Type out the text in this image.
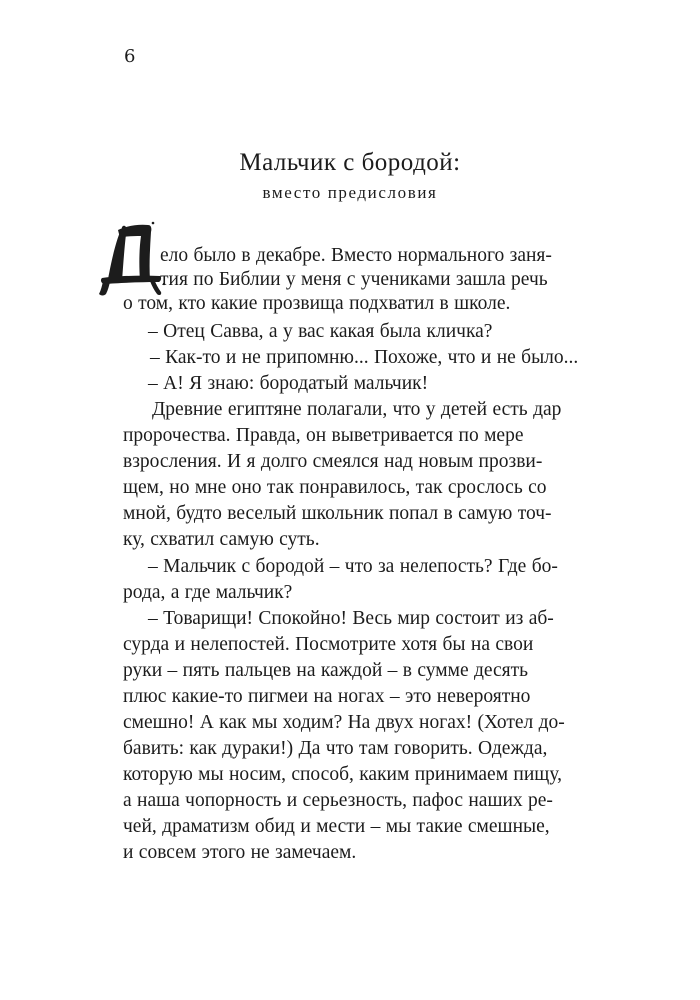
6
Мальчик с бородой:
вместо предисловия
ело было в декабре. Вместо нормального заня-
тия по Библии у меня с учениками зашла речь
о том, кто какие прозвища подхватил в школе.
– Отец Савва, а у вас какая была кличка?
– Как-то и не припомню... Похоже, что и не было...
– А! Я знаю: бородатый мальчик!
Древние египтяне полагали, что у детей есть дар
пророчества. Правда, он выветривается по мере
взросления. И я долго смеялся над новым прозви-
щем, но мне оно так понравилось, так срослось со
мной, будто веселый школьник попал в самую точ-
ку, схватил самую суть.
– Мальчик с бородой – что за нелепость? Где бо-
рода, а где мальчик?
– Товарищи! Спокойно! Весь мир состоит из аб-
сурда и нелепостей. Посмотрите хотя бы на свои
руки – пять пальцев на каждой – в сумме десять
плюс какие-то пигмеи на ногах – это невероятно
смешно! А как мы ходим? На двух ногах! (Хотел до-
бавить: как дураки!) Да что там говорить. Одежда,
которую мы носим, способ, каким принимаем пищу,
а наша чопорность и серьезность, пафос наших ре-
чей, драматизм обид и мести – мы такие смешные,
и совсем этого не замечаем.
